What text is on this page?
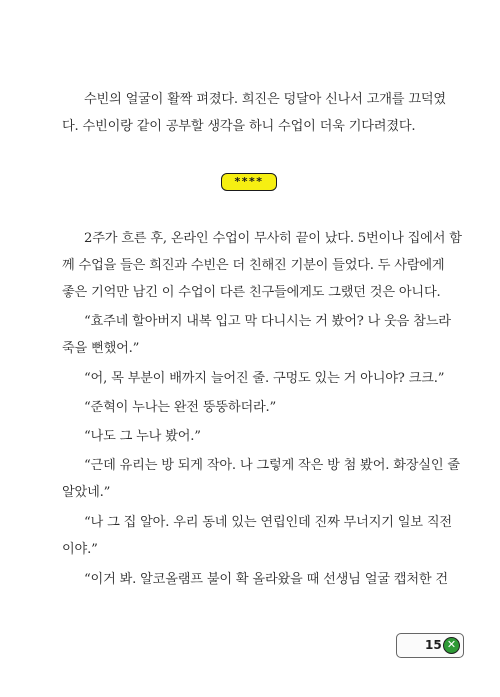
수빈의 얼굴이 활짝 펴졌다. 희진은 덩달아 신나서 고개를 끄덕였
다. 수빈이랑 같이 공부할 생각을 하니 수업이 더욱 기다려졌다.
****
2주가 흐른 후, 온라인 수업이 무사히 끝이 났다. 5번이나 집에서 함
께 수업을 들은 희진과 수빈은 더 친해진 기분이 들었다. 두 사람에게
좋은 기억만 남긴 이 수업이 다른 친구들에게도 그랬던 것은 아니다.
“효주네 할아버지 내복 입고 막 다니시는 거 봤어? 나 웃음 참느라
죽을 뻔했어.”
“어, 목 부분이 배까지 늘어진 줄. 구멍도 있는 거 아니야? 크크.”
“준혁이 누나는 완전 뚱뚱하더라.”
“나도 그 누나 봤어.”
“근데 유리는 방 되게 작아. 나 그렇게 작은 방 첨 봤어. 화장실인 줄
알았네.”
“나 그 집 알아. 우리 동네 있는 연립인데 진짜 무너지기 일보 직전
이야.”
“이거 봐. 알코올램프 불이 확 올라왔을 때 선생님 얼굴 캡처한 건
15 ✕
